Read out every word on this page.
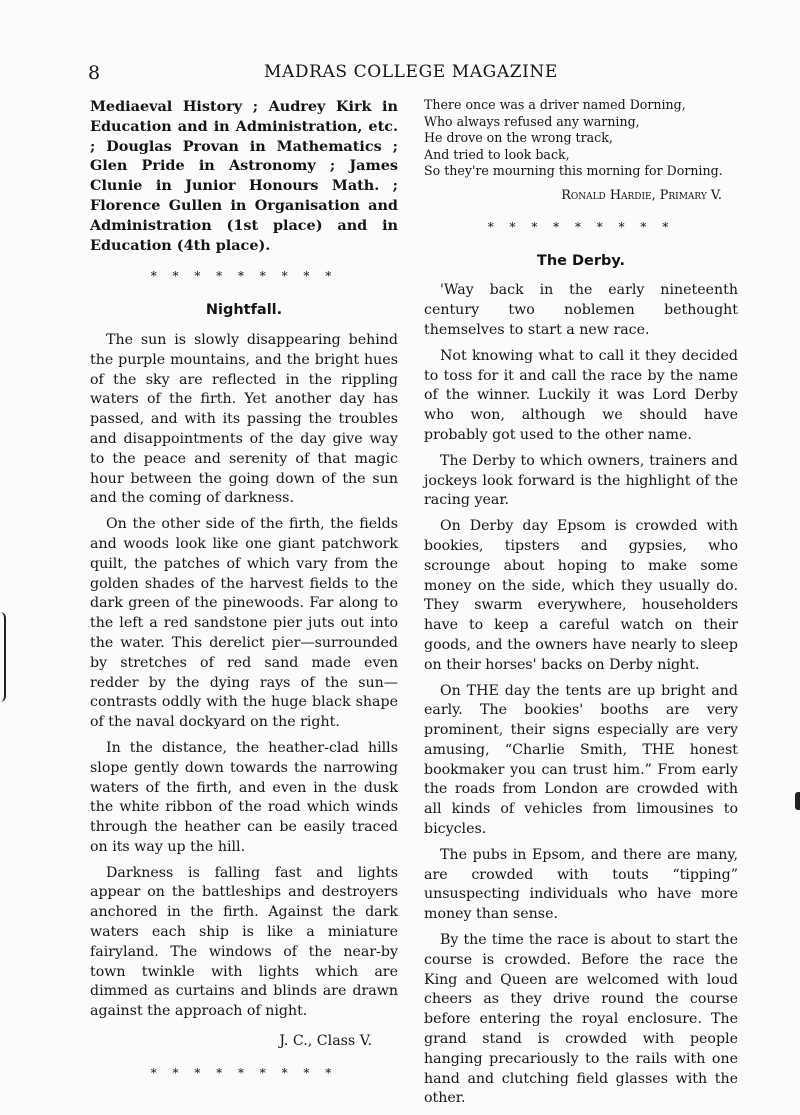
8	MADRAS COLLEGE MAGAZINE

Mediaeval History ; Audrey Kirk in Education and in Administration, etc. ; Douglas Provan in Mathematics ; Glen Pride in Astronomy ; James Clunie in Junior Honours Math. ; Florence Gullen in Organisation and Administration (1st place) and in Education (4th place).

* * * * * * * * *
Nightfall.

The sun is slowly disappearing behind the purple mountains, and the bright hues of the sky are reflected in the rippling waters of the firth. Yet another day has passed, and with its passing the troubles and disappointments of the day give way to the peace and serenity of that magic hour between the going down of the sun and the coming of darkness.

On the other side of the firth, the fields and woods look like one giant patchwork quilt, the patches of which vary from the golden shades of the harvest fields to the dark green of the pinewoods. Far along to the left a red sandstone pier juts out into the water. This derelict pier—surrounded by stretches of red sand made even redder by the dying rays of the sun—contrasts oddly with the huge black shape of the naval dockyard on the right.

In the distance, the heather-clad hills slope gently down towards the narrowing waters of the firth, and even in the dusk the white ribbon of the road which winds through the heather can be easily traced on its way up the hill.

Darkness is falling fast and lights appear on the battleships and destroyers anchored in the firth. Against the dark waters each ship is like a miniature fairyland. The windows of the near-by town twinkle with lights which are dimmed as curtains and blinds are drawn against the approach of night.

J. C., Class V.
* * * * * * * * *
There once was a driver named Dorning,
Who always refused any warning,
He drove on the wrong track,
And tried to look back,
So they're mourning this morning for Dorning.
Ronald Hardie, Primary V.
* * * * * * * * *
The Derby.

'Way back in the early nineteenth century two noblemen bethought themselves to start a new race.

Not knowing what to call it they decided to toss for it and call the race by the name of the winner. Luckily it was Lord Derby who won, although we should have probably got used to the other name.

The Derby to which owners, trainers and jockeys look forward is the highlight of the racing year.

On Derby day Epsom is crowded with bookies, tipsters and gypsies, who scrounge about hoping to make some money on the side, which they usually do. They swarm everywhere, householders have to keep a careful watch on their goods, and the owners have nearly to sleep on their horses' backs on Derby night.

On THE day the tents are up bright and early. The bookies' booths are very prominent, their signs especially are very amusing, “Charlie Smith, THE honest bookmaker you can trust him.” From early the roads from London are crowded with all kinds of vehicles from limousines to bicycles.

The pubs in Epsom, and there are many, are crowded with touts “tipping” unsuspecting individuals who have more money than sense.

By the time the race is about to start the course is crowded. Before the race the King and Queen are welcomed with loud cheers as they drive round the course before entering the royal enclosure. The grand stand is crowded with people hanging precariously to the rails with one hand and clutching field glasses with the other.
